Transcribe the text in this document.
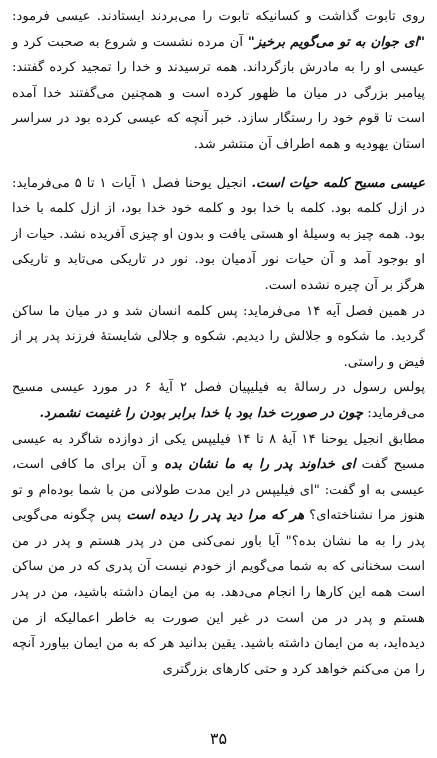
روی تابوت گذاشت و کسانیکه تابوت را می‌بردند ایستادند. عیسی فرمود: "ای جوان به تو می‌گویم برخیز" آن مرده نشست و شروع به صحبت کرد و عیسی او را به مادرش بازگرداند. همه ترسیدند و خدا را تمجید کرده گفتند: پیامبر بزرگی در میان ما ظهور کرده است و همچنین می‌گفتند خدا آمده است تا قوم خود را رستگار سازد. خبر آنچه که عیسی کرده بود در سراسر استان یهودیه و همه اطراف آن منتشر شد.

عیسی مسیح کلمه حیات است. انجیل یوحنا فصل ۱ آیات ۱ تا ۵ می‌فرماید: در ازل کلمه بود. کلمه با خدا بود و کلمه خود خدا بود، از ازل کلمه با خدا بود. همه چیز به وسیلهٔ او هستی یافت و بدون او چیزی آفریده نشد. حیات از او بوجود آمد و آن حیات نور آدمیان بود. نور در تاریکی می‌تابد و تاریکی هرگز بر آن چیره نشده است.

در همین فصل آیه ۱۴ می‌فرماید: پس کلمه انسان شد و در میان ما ساکن گردید. ما شکوه و جلالش را دیدیم. شکوه و جلالی شایستهٔ فرزند پدر پر از فیض و راستی.

پولس رسول در رسالهٔ به فیلیپیان فصل ۲ آیهٔ ۶ در مورد عیسی مسیح می‌فرماید: چون در صورت خدا بود با خدا برابر بودن را غنیمت نشمرد.

مطابق انجیل یوحنا ۱۴ آیهٔ ۸ تا ۱۴ فیلیپس یکی از دوازده شاگرد به عیسی مسیح گفت ای خداوند پدر را به ما نشان بده و آن برای ما کافی است، عیسی به او گفت: "ای فیلیپس در این مدت طولانی من با شما بوده‌ام و تو هنوز مرا نشناخته‌ای؟ هر که مرا دید پدر را دیده است پس چگونه می‌گویی پدر را به ما نشان بده؟" آیا باور نمی‌کنی من در پدر هستم و پدر در من است سخنانی که به شما می‌گویم از خودم نیست آن پدری که در من ساکن است همه این کارها را انجام می‌دهد. به من ایمان داشته باشید، من در پدر هستم و پدر در من است در غیر این صورت به خاطر اعمالیکه از من دیده‌اید، به من ایمان داشته باشید. یقین بدانید هر که به من ایمان بیاورد آنچه را من می‌کنم خواهد کرد و حتی کارهای بزرگتری

۳۵
